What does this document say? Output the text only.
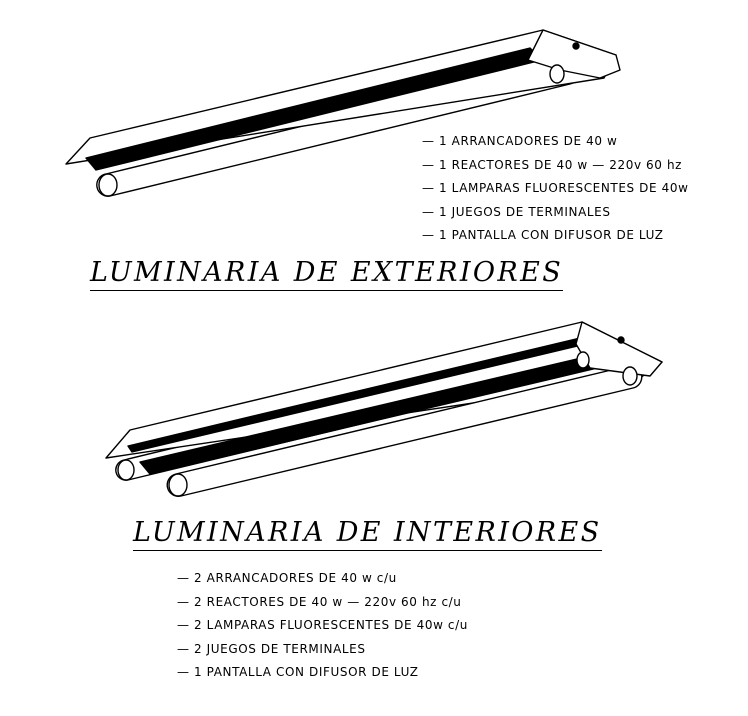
— 1 ARRANCADORES DE 40 w
— 1 REACTORES DE 40 w — 220v 60 hz
— 1 LAMPARAS FLUORESCENTES DE 40w
— 1 JUEGOS DE TERMINALES
— 1 PANTALLA CON DIFUSOR DE LUZ
LUMINARIA DE EXTERIORES
LUMINARIA DE INTERIORES
— 2 ARRANCADORES DE 40 w c/u
— 2 REACTORES DE 40 w — 220v 60 hz c/u
— 2 LAMPARAS FLUORESCENTES DE 40w c/u
— 2 JUEGOS DE TERMINALES
— 1 PANTALLA CON DIFUSOR DE LUZ
